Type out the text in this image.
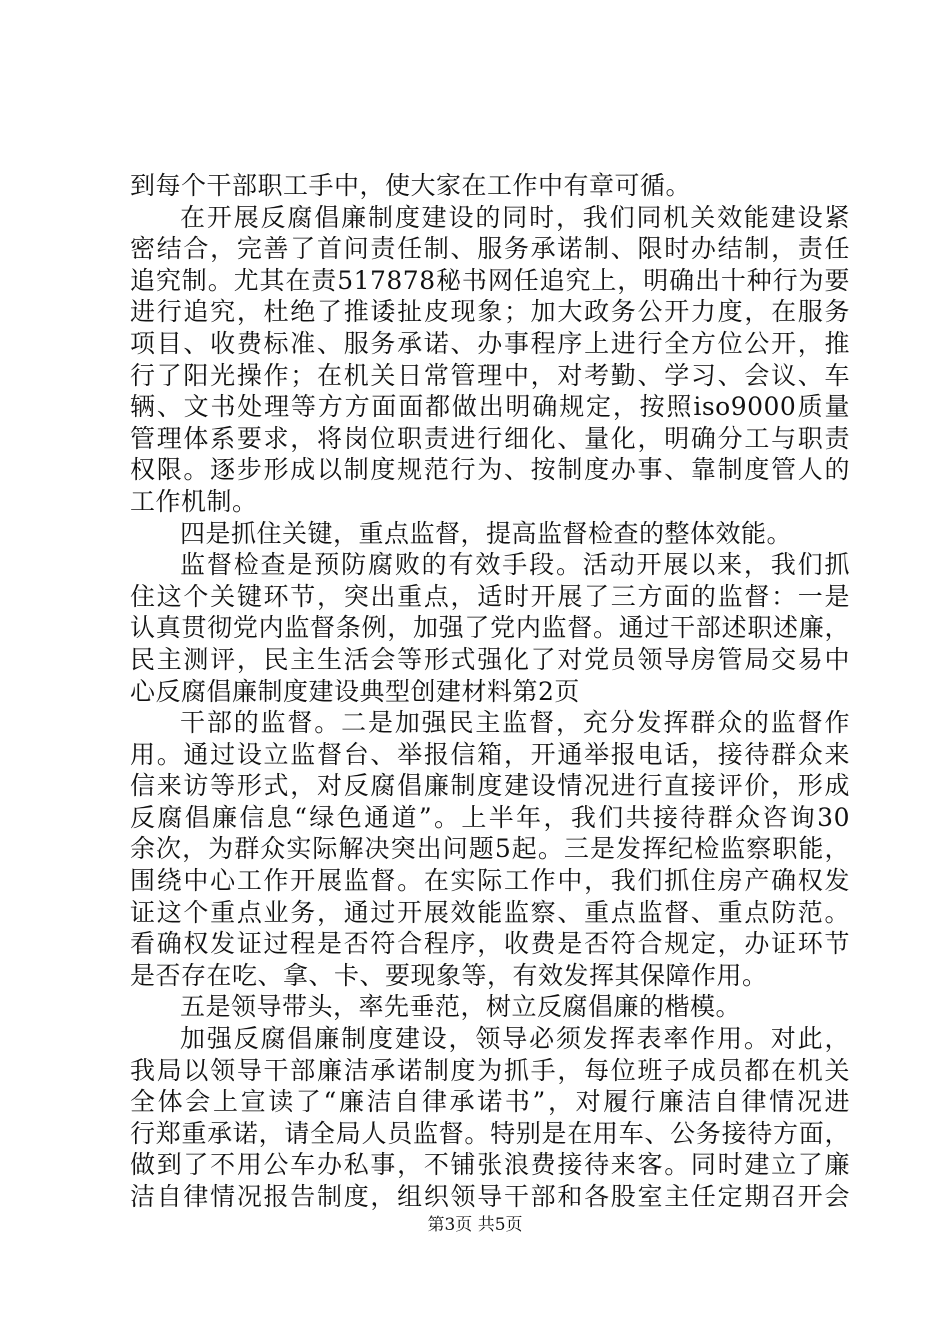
到每个干部职工手中，使大家在工作中有章可循。
在开展反腐倡廉制度建设的同时，我们同机关效能建设紧
密结合，完善了首问责任制、服务承诺制、限时办结制，责任
追究制。尤其在责517878秘书网任追究上，明确出十种行为要
进行追究，杜绝了推诿扯皮现象；加大政务公开力度，在服务
项目、收费标准、服务承诺、办事程序上进行全方位公开，推
行了阳光操作；在机关日常管理中，对考勤、学习、会议、车
辆、文书处理等方方面面都做出明确规定，按照iso9000质量
管理体系要求，将岗位职责进行细化、量化，明确分工与职责
权限。逐步形成以制度规范行为、按制度办事、靠制度管人的
工作机制。
四是抓住关键，重点监督，提高监督检查的整体效能。
监督检查是预防腐败的有效手段。活动开展以来，我们抓
住这个关键环节，突出重点，适时开展了三方面的监督：一是
认真贯彻党内监督条例，加强了党内监督。通过干部述职述廉，
民主测评，民主生活会等形式强化了对党员领导房管局交易中
心反腐倡廉制度建设典型创建材料第2页
干部的监督。二是加强民主监督，充分发挥群众的监督作
用。通过设立监督台、举报信箱，开通举报电话，接待群众来
信来访等形式，对反腐倡廉制度建设情况进行直接评价，形成
反腐倡廉信息“绿色通道”。上半年，我们共接待群众咨询30
余次，为群众实际解决突出问题5起。三是发挥纪检监察职能，
围绕中心工作开展监督。在实际工作中，我们抓住房产确权发
证这个重点业务，通过开展效能监察、重点监督、重点防范。
看确权发证过程是否符合程序，收费是否符合规定，办证环节
是否存在吃、拿、卡、要现象等，有效发挥其保障作用。
五是领导带头，率先垂范，树立反腐倡廉的楷模。
加强反腐倡廉制度建设，领导必须发挥表率作用。对此，
我局以领导干部廉洁承诺制度为抓手，每位班子成员都在机关
全体会上宣读了“廉洁自律承诺书”，对履行廉洁自律情况进
行郑重承诺，请全局人员监督。特别是在用车、公务接待方面，
做到了不用公车办私事，不铺张浪费接待来客。同时建立了廉
洁自律情况报告制度，组织领导干部和各股室主任定期召开会
第3页 共5页
